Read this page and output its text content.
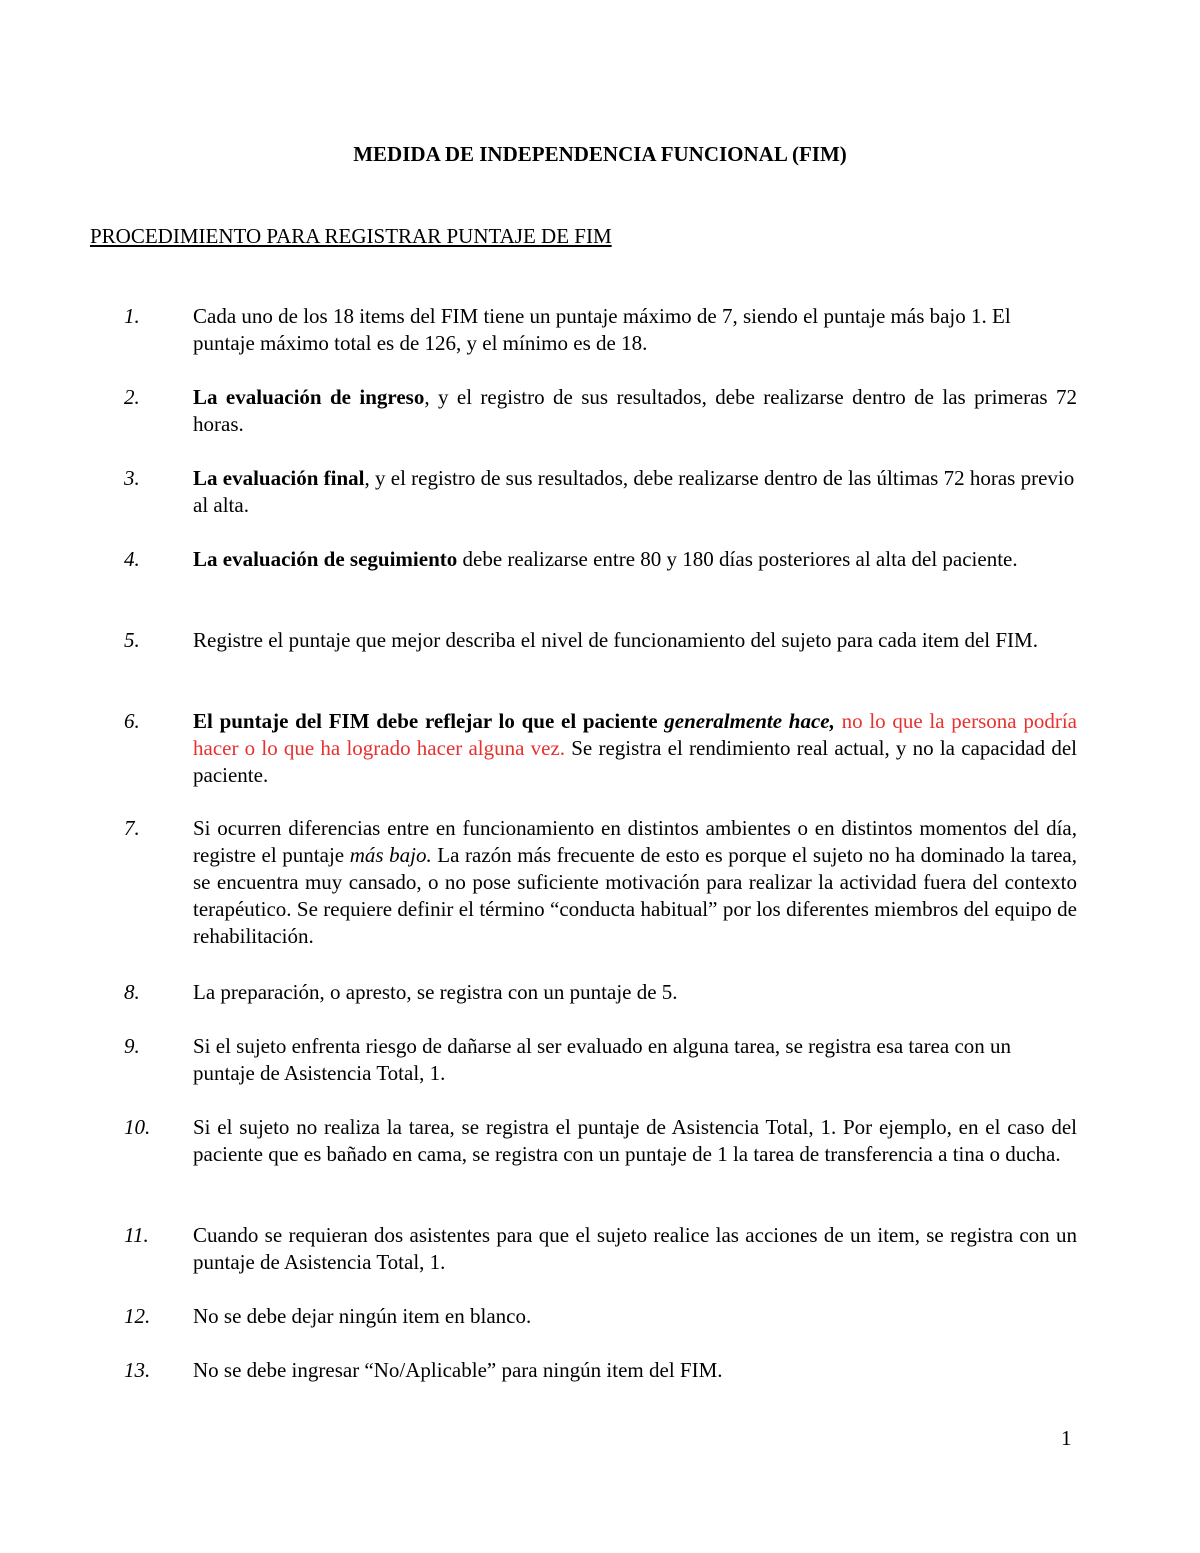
MEDIDA DE INDEPENDENCIA FUNCIONAL (FIM)
PROCEDIMIENTO PARA REGISTRAR PUNTAJE DE FIM
1.	Cada uno de los 18 items del FIM tiene un puntaje máximo de 7, siendo el puntaje más bajo 1. El puntaje máximo total es de 126, y el mínimo es de 18.
2.	La evaluación de ingreso, y el registro de sus resultados, debe realizarse dentro de las primeras 72 horas.
3.	La evaluación final, y el registro de sus resultados, debe realizarse dentro de las últimas 72 horas previo al alta.
4.	La evaluación de seguimiento debe realizarse entre 80 y 180 días posteriores al alta del paciente.
5.	Registre el puntaje que mejor describa el nivel de funcionamiento del sujeto para cada item del FIM.
6.	El puntaje del FIM debe reflejar lo que el paciente generalmente hace, no lo que la persona podría hacer o lo que ha logrado hacer alguna vez. Se registra el rendimiento real actual, y no la capacidad del paciente.
7.	Si ocurren diferencias entre en funcionamiento en distintos ambientes o en distintos momentos del día, registre el puntaje más bajo. La razón más frecuente de esto es porque el sujeto no ha dominado la tarea, se encuentra muy cansado, o no pose suficiente motivación para realizar la actividad fuera del contexto terapéutico. Se requiere definir el término “conducta habitual” por los diferentes miembros del equipo de rehabilitación.
8.	La preparación, o apresto, se registra con un puntaje de 5.
9.	Si el sujeto enfrenta riesgo de dañarse al ser evaluado en alguna tarea, se registra esa tarea con un puntaje de Asistencia Total, 1.
10. Si el sujeto no realiza la tarea, se registra el puntaje de Asistencia Total, 1. Por ejemplo, en el caso del paciente que es bañado en cama, se registra con un puntaje de 1 la tarea de transferencia a tina o ducha.
11. Cuando se requieran dos asistentes para que el sujeto realice las acciones de un item, se registra con un puntaje de Asistencia Total, 1.
12. No se debe dejar ningún item en blanco.
13. No se debe ingresar “No/Aplicable” para ningún item del FIM.
1
